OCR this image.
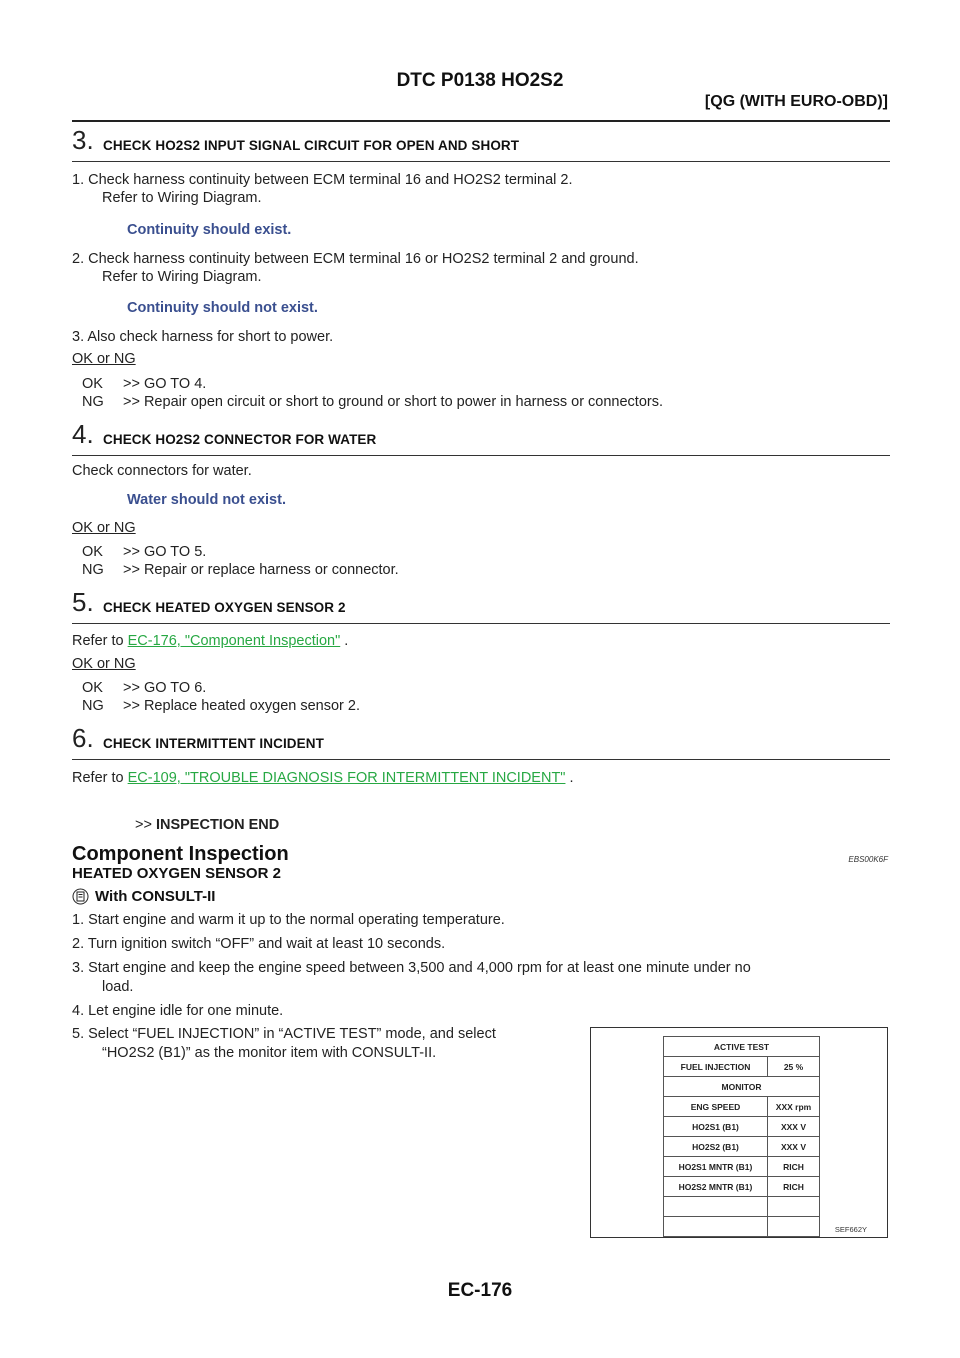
DTC P0138 HO2S2
[QG (WITH EURO-OBD)]
3. CHECK HO2S2 INPUT SIGNAL CIRCUIT FOR OPEN AND SHORT
1. Check harness continuity between ECM terminal 16 and HO2S2 terminal 2.
Refer to Wiring Diagram.
Continuity should exist.
2. Check harness continuity between ECM terminal 16 or HO2S2 terminal 2 and ground.
Refer to Wiring Diagram.
Continuity should not exist.
3. Also check harness for short to power.
OK or NG
OK >> GO TO 4.
NG >> Repair open circuit or short to ground or short to power in harness or connectors.
4. CHECK HO2S2 CONNECTOR FOR WATER
Check connectors for water.
Water should not exist.
OK or NG
OK >> GO TO 5.
NG >> Repair or replace harness or connector.
5. CHECK HEATED OXYGEN SENSOR 2
Refer to EC-176, "Component Inspection" .
OK or NG
OK >> GO TO 6.
NG >> Replace heated oxygen sensor 2.
6. CHECK INTERMITTENT INCIDENT
Refer to EC-109, "TROUBLE DIAGNOSIS FOR INTERMITTENT INCIDENT" .
>> INSPECTION END
Component Inspection	EBS00K6F
HEATED OXYGEN SENSOR 2
With CONSULT-II
1. Start engine and warm it up to the normal operating temperature.
2. Turn ignition switch “OFF” and wait at least 10 seconds.
3. Start engine and keep the engine speed between 3,500 and 4,000 rpm for at least one minute under no
load.
4. Let engine idle for one minute.
5. Select “FUEL INJECTION” in “ACTIVE TEST” mode, and select
“HO2S2 (B1)” as the monitor item with CONSULT-II.	ACTIVE TEST	
FUEL INJECTION	25 %
MONITOR	
ENG SPEED	XXX rpm
HO2S1 (B1)	XXX V
HO2S2 (B1)	XXX V
HO2S1 MNTR (B1)	RICH
HO2S2 MNTR (B1)	RICH

SEF662Y
EC-176
